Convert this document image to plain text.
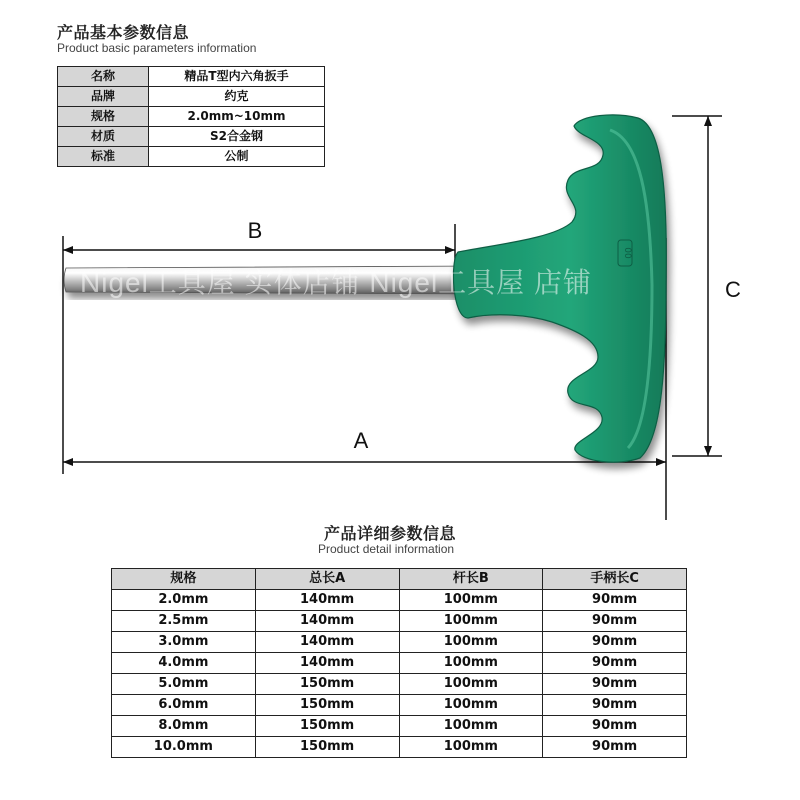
产品基本参数信息
Product basic parameters information
名称	精品T型内六角扳手
品牌	约克
规格	2.0mm~10mm
材质	S2合金钢
标准	公制
00
Nigel工具屋 实体店铺 Nigel工具屋 店铺
B
A
C
产品详细参数信息
Product detail information
规格	总长A	杆长B	手柄长C
2.0mm	140mm	100mm	90mm
2.5mm	140mm	100mm	90mm
3.0mm	140mm	100mm	90mm
4.0mm	140mm	100mm	90mm
5.0mm	150mm	100mm	90mm
6.0mm	150mm	100mm	90mm
8.0mm	150mm	100mm	90mm
10.0mm	150mm	100mm	90mm
